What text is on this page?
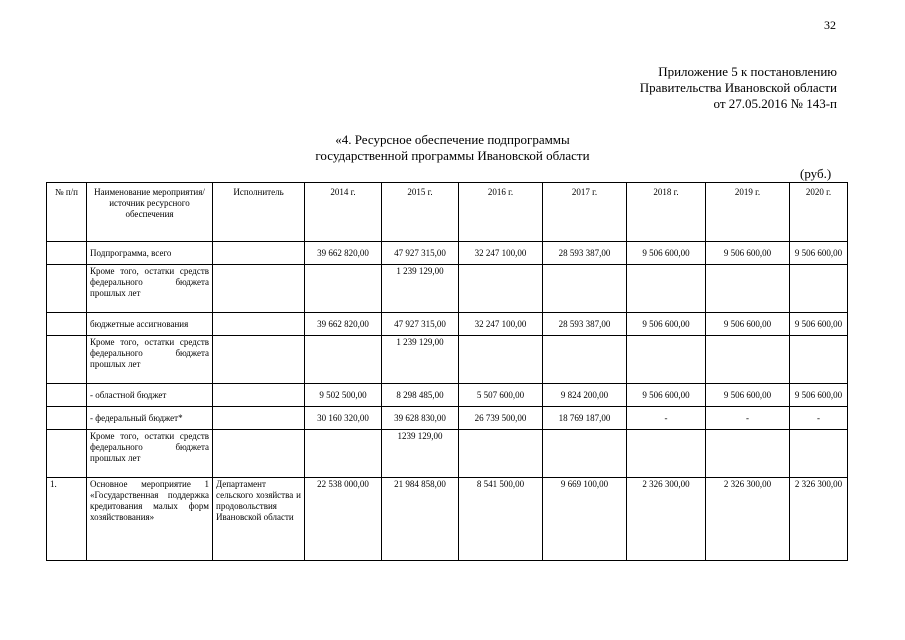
32
Приложение 5 к постановлению
Правительства Ивановской области
от 27.05.2016 № 143-п
«4. Ресурсное обеспечение подпрограммы
государственной программы Ивановской области
(руб.)
№ п/п	Наименование мероприятия/ источник ресурсного обеспечения	Исполнитель	2014 г.	2015 г.	2016 г.	2017 г.	2018 г.	2019 г.	2020 г.
	Подпрограмма, всего		39 662 820,00	47 927 315,00	32 247 100,00	28 593 387,00	9 506 600,00	9 506 600,00	9 506 600,00
	Кроме того, остатки средств федерального бюджета прошлых лет			1 239 129,00					
	бюджетные ассигнования		39 662 820,00	47 927 315,00	32 247 100,00	28 593 387,00	9 506 600,00	9 506 600,00	9 506 600,00
	Кроме того, остатки средств федерального бюджета прошлых лет			1 239 129,00					
	- областной бюджет		9 502 500,00	8 298 485,00	5 507 600,00	9 824 200,00	9 506 600,00	9 506 600,00	9 506 600,00
	- федеральный бюджет*		30 160 320,00	39 628 830,00	26 739 500,00	18 769 187,00	-	-	-
	Кроме того, остатки средств федерального бюджета прошлых лет			1239 129,00					
1.	Основное мероприятие 1 «Государственная поддержка кредитования малых форм хозяйствования»	Департамент сельского хозяйства и продовольствия Ивановской области	22 538 000,00	21 984 858,00	8 541 500,00	9 669 100,00	2 326 300,00	2 326 300,00	2 326 300,00
